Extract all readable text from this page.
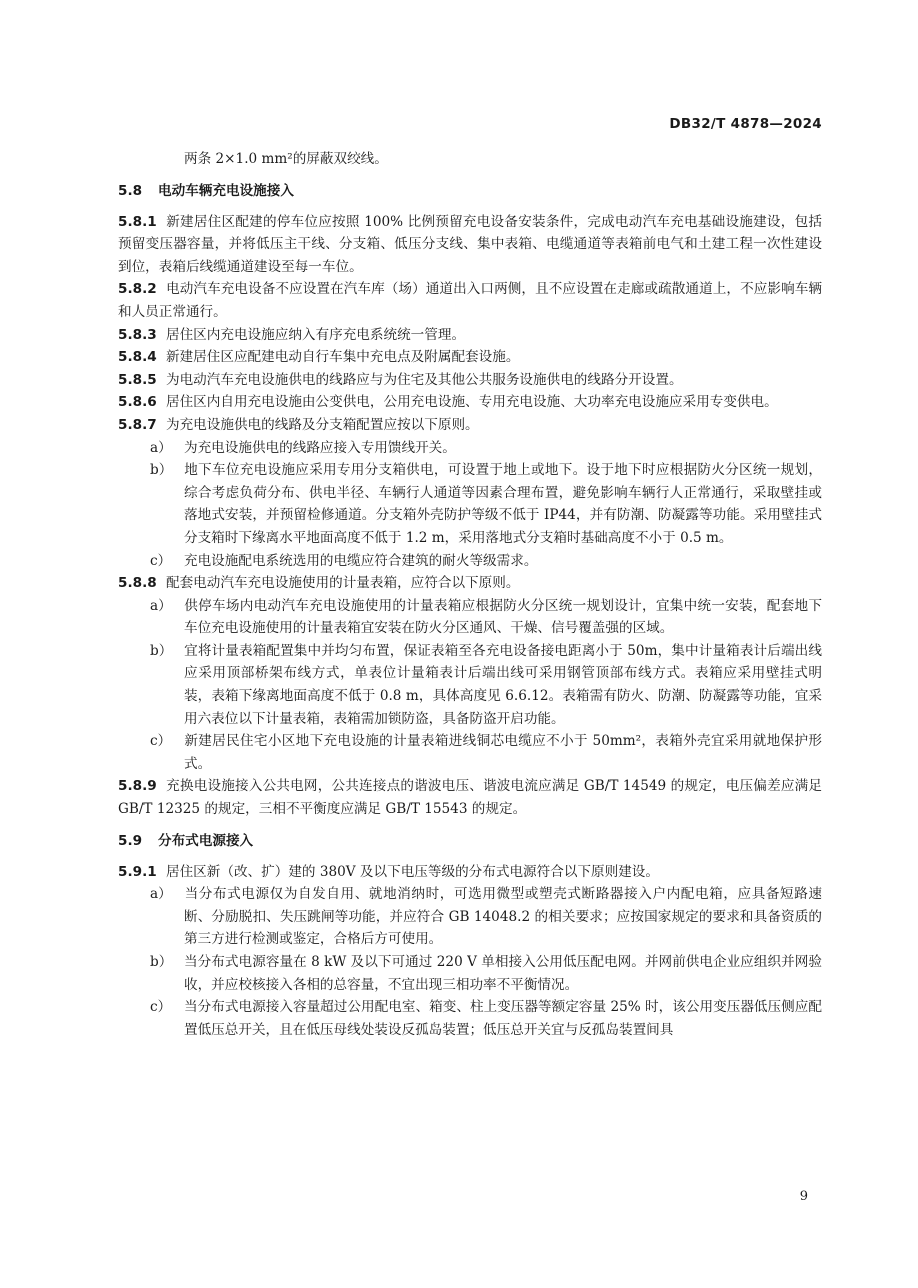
DB32/T 4878—2024
两条 2×1.0 mm²的屏蔽双绞线。
5.8 电动车辆充电设施接入
5.8.1 新建居住区配建的停车位应按照 100% 比例预留充电设备安装条件，完成电动汽车充电基础设施建设，包括预留变压器容量，并将低压主干线、分支箱、低压分支线、集中表箱、电缆通道等表箱前电气和土建工程一次性建设到位，表箱后线缆通道建设至每一车位。
5.8.2 电动汽车充电设备不应设置在汽车库（场）通道出入口两侧，且不应设置在走廊或疏散通道上，不应影响车辆和人员正常通行。
5.8.3 居住区内充电设施应纳入有序充电系统统一管理。
5.8.4 新建居住区应配建电动自行车集中充电点及附属配套设施。
5.8.5 为电动汽车充电设施供电的线路应与为住宅及其他公共服务设施供电的线路分开设置。
5.8.6 居住区内自用充电设施由公变供电，公用充电设施、专用充电设施、大功率充电设施应采用专变供电。
5.8.7 为充电设施供电的线路及分支箱配置应按以下原则。
a） 为充电设施供电的线路应接入专用馈线开关。
b） 地下车位充电设施应采用专用分支箱供电，可设置于地上或地下。设于地下时应根据防火分区统一规划，综合考虑负荷分布、供电半径、车辆行人通道等因素合理布置，避免影响车辆行人正常通行，采取壁挂或落地式安装，并预留检修通道。分支箱外壳防护等级不低于 IP44，并有防潮、防凝露等功能。采用壁挂式分支箱时下缘离水平地面高度不低于 1.2 m，采用落地式分支箱时基础高度不小于 0.5 m。
c） 充电设施配电系统选用的电缆应符合建筑的耐火等级需求。
5.8.8 配套电动汽车充电设施使用的计量表箱，应符合以下原则。
a） 供停车场内电动汽车充电设施使用的计量表箱应根据防火分区统一规划设计，宜集中统一安装，配套地下车位充电设施使用的计量表箱宜安装在防火分区通风、干燥、信号覆盖强的区域。
b） 宜将计量表箱配置集中并均匀布置，保证表箱至各充电设备接电距离小于 50m，集中计量箱表计后端出线应采用顶部桥架布线方式，单表位计量箱表计后端出线可采用钢管顶部布线方式。表箱应采用壁挂式明装，表箱下缘离地面高度不低于 0.8 m，具体高度见 6.6.12。表箱需有防火、防潮、防凝露等功能，宜采用六表位以下计量表箱，表箱需加锁防盗，具备防盗开启功能。
c） 新建居民住宅小区地下充电设施的计量表箱进线铜芯电缆应不小于 50mm²，表箱外壳宜采用就地保护形式。
5.8.9 充换电设施接入公共电网，公共连接点的谐波电压、谐波电流应满足 GB/T 14549 的规定，电压偏差应满足 GB/T 12325 的规定，三相不平衡度应满足 GB/T 15543 的规定。
5.9 分布式电源接入
5.9.1 居住区新（改、扩）建的 380V 及以下电压等级的分布式电源符合以下原则建设。
a） 当分布式电源仅为自发自用、就地消纳时，可选用微型或塑壳式断路器接入户内配电箱，应具备短路速断、分励脱扣、失压跳闸等功能，并应符合 GB 14048.2 的相关要求；应按国家规定的要求和具备资质的第三方进行检测或鉴定，合格后方可使用。
b） 当分布式电源容量在 8 kW 及以下可通过 220 V 单相接入公用低压配电网。并网前供电企业应组织并网验收，并应校核接入各相的总容量，不宜出现三相功率不平衡情况。
c） 当分布式电源接入容量超过公用配电室、箱变、柱上变压器等额定容量 25% 时，该公用变压器低压侧应配置低压总开关，且在低压母线处装设反孤岛装置；低压总开关宜与反孤岛装置间具
9
